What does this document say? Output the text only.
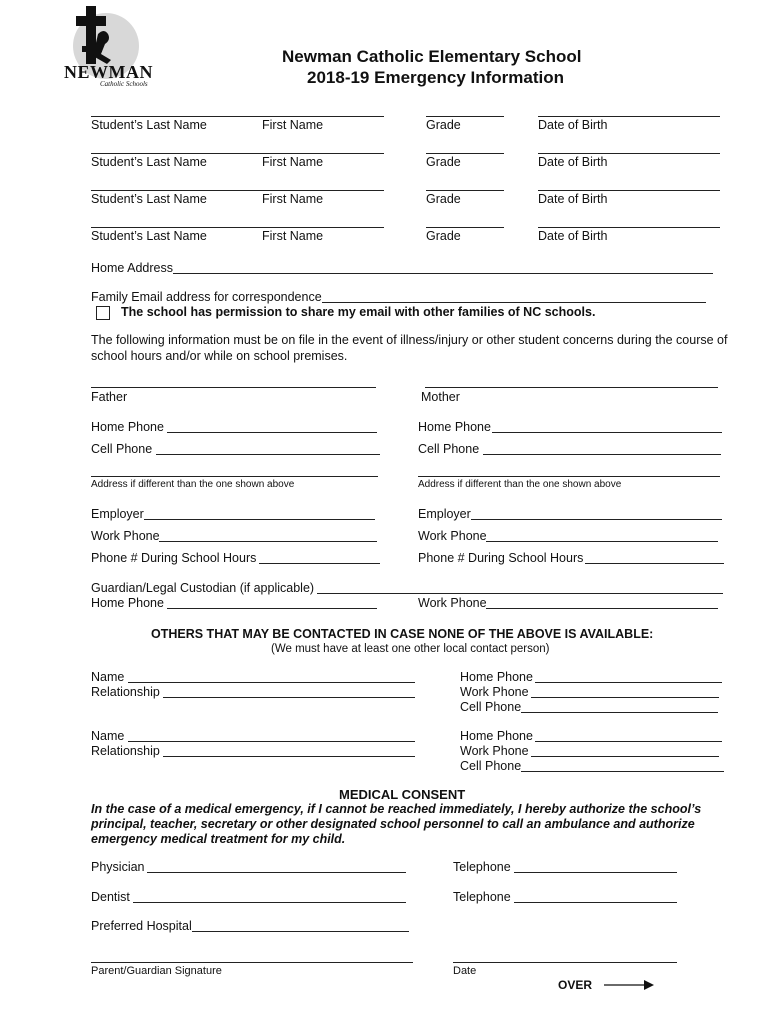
NEWMAN
Catholic Schools
Newman Catholic Elementary School
2018-19 Emergency Information
Student’s Last Name	First Name	Grade	Date of Birth
Student’s Last Name	First Name	Grade	Date of Birth
Student’s Last Name	First Name	Grade	Date of Birth
Student’s Last Name	First Name	Grade	Date of Birth
Home Address
Family Email address for correspondence
The school has permission to share my email with other families of NC schools.
The following information must be on file in the event of illness/injury or other student concerns during the course of school hours and/or while on school premises.
Father
Home Phone
Cell Phone
Address if different than the one shown above
Employer
Work Phone
Phone # During School Hours
Mother
Home Phone
Cell Phone
Address if different than the one shown above
Employer
Work Phone
Phone # During School Hours
Guardian/Legal Custodian (if applicable)
Home Phone	Work Phone
OTHERS THAT MAY BE CONTACTED IN CASE NONE OF THE ABOVE IS AVAILABLE:
(We must have at least one other local contact person)
Name
Relationship
Home Phone
Work Phone
Cell Phone
Name
Relationship
Home Phone
Work Phone
Cell Phone
MEDICAL CONSENT
In the case of a medical emergency, if I cannot be reached immediately, I hereby authorize the school’s principal, teacher, secretary or other designated school personnel to call an ambulance and authorize emergency medical treatment for my child.
Physician	Telephone
Dentist	Telephone
Preferred Hospital
Parent/Guardian Signature	Date
OVER
